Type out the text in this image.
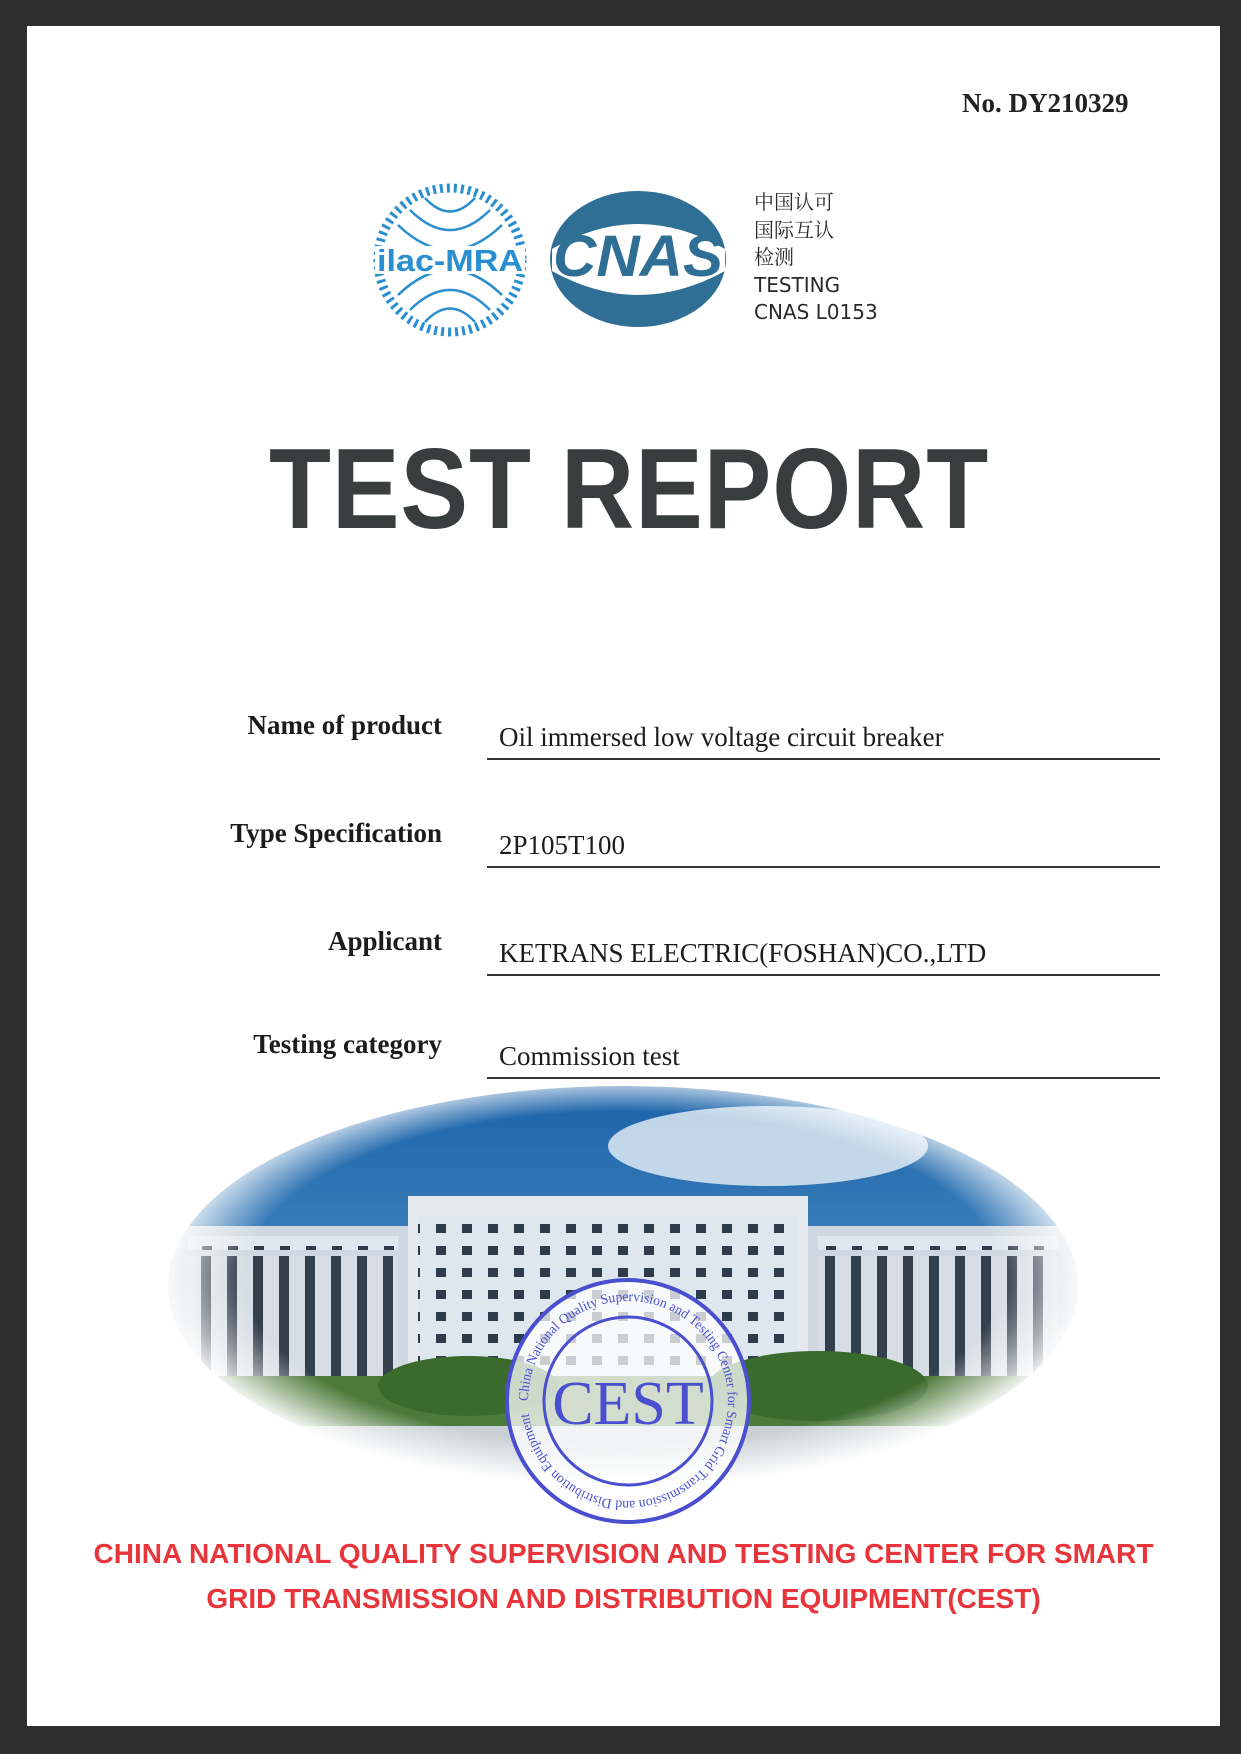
No. DY210329
ilac-MRA CNAS
中国认可
国际互认
检测
TESTING
CNAS L0153
TEST REPORT
Name of product Oil immersed low voltage circuit breaker
Type Specification 2P105T100
Applicant KETRANS ELECTRIC(FOSHAN)CO.,LTD
Testing category Commission test
China National Quality Supervision and Testing Center for Smart Grid Transmission and Distribution Equipment CEST
CHINA NATIONAL QUALITY SUPERVISION AND TESTING CENTER FOR SMART
GRID TRANSMISSION AND DISTRIBUTION EQUIPMENT(CEST)
